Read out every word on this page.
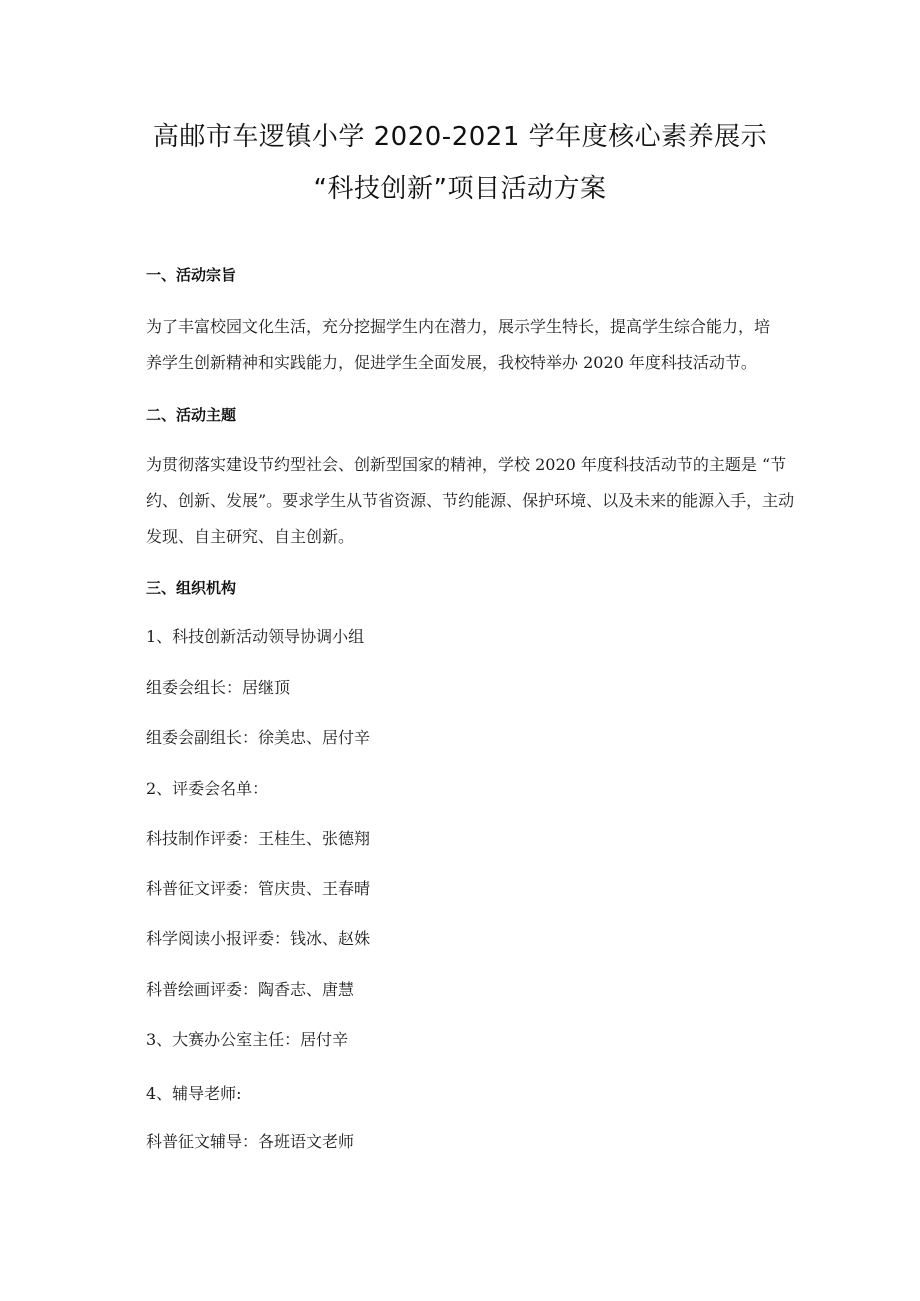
高邮市车逻镇小学 2020-2021 学年度核心素养展示
“科技创新”项目活动方案
一、活动宗旨
为了丰富校园文化生活，充分挖掘学生内在潜力，展示学生特长，提高学生综合能力，培
养学生创新精神和实践能力，促进学生全面发展，我校特举办 2020 年度科技活动节。
二、活动主题
为贯彻落实建设节约型社会、创新型国家的精神，学校 2020 年度科技活动节的主题是 “节
约、创新、发展”。要求学生从节省资源、节约能源、保护环境、以及未来的能源入手，主动
发现、自主研究、自主创新。
三、组织机构
1、科技创新活动领导协调小组
组委会组长：居继顶
组委会副组长：徐美忠、居付辛
2、评委会名单：
科技制作评委：王桂生、张德翔
科普征文评委：管庆贵、王春晴
科学阅读小报评委：钱冰、赵姝
科普绘画评委：陶香志、唐慧
3、大赛办公室主任：居付辛
4、辅导老师:
科普征文辅导：各班语文老师
